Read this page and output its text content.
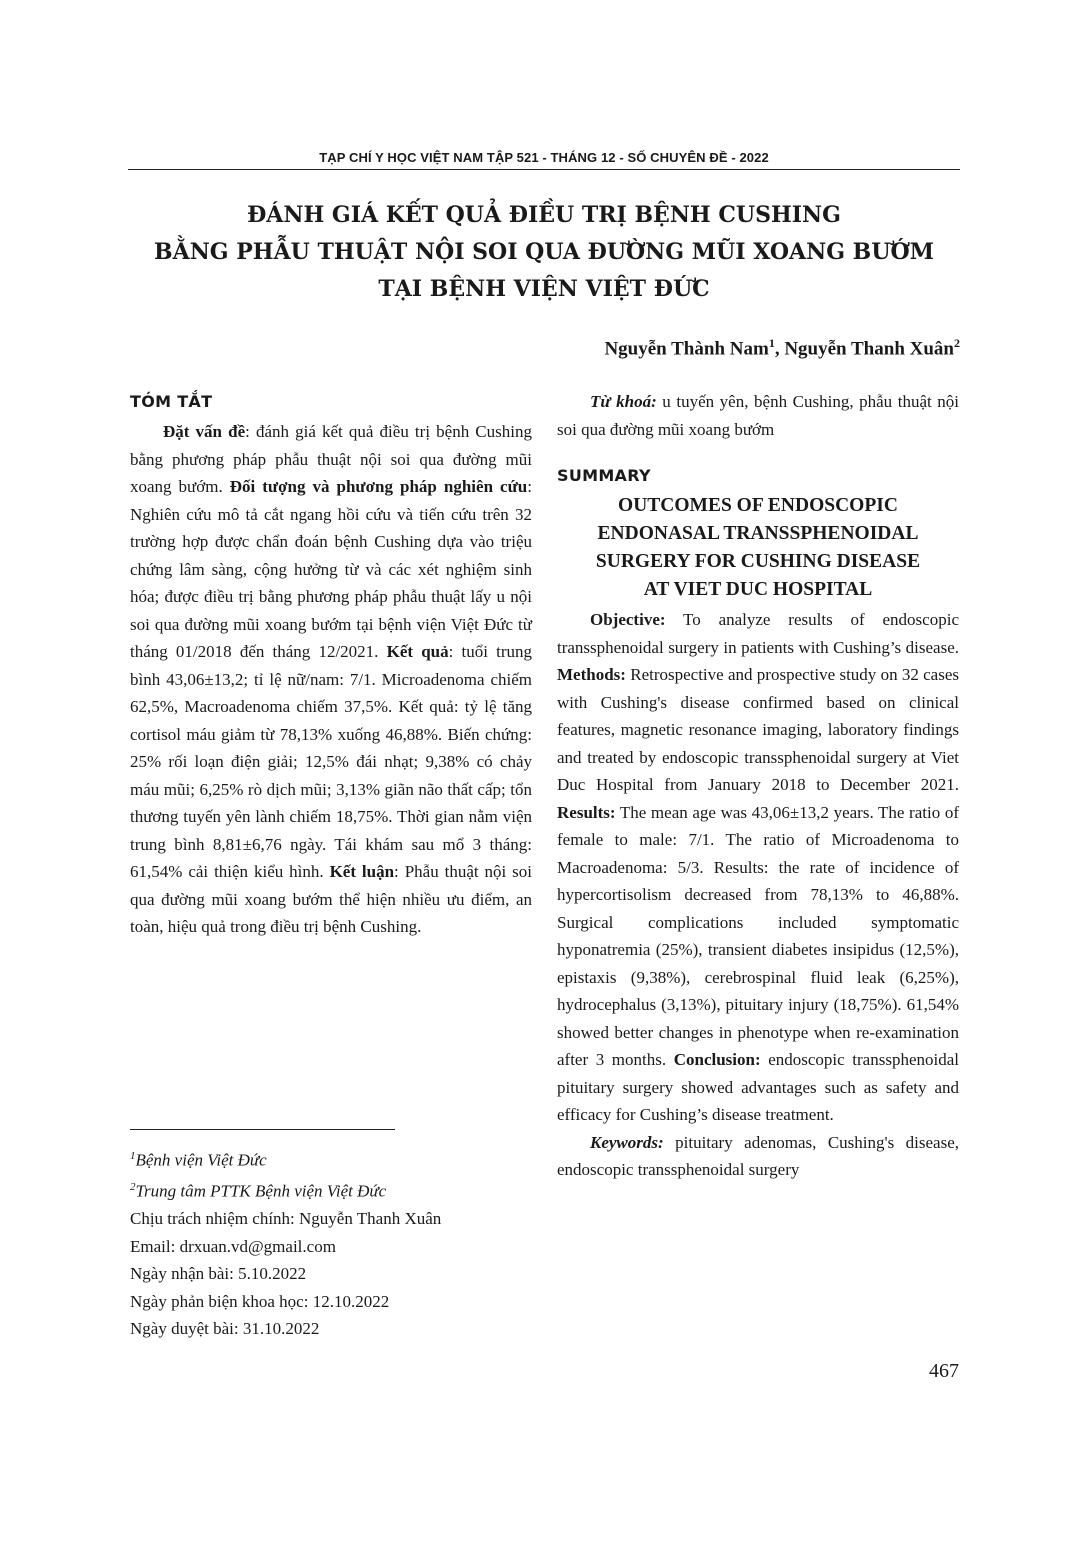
TẠP CHÍ Y HỌC VIỆT NAM TẬP 521 - THÁNG 12 - SỐ CHUYÊN ĐỀ - 2022
ĐÁNH GIÁ KẾT QUẢ ĐIỀU TRỊ BỆNH CUSHING
BẰNG PHẪU THUẬT NỘI SOI QUA ĐƯỜNG MŨI XOANG BƯỚM
TẠI BỆNH VIỆN VIỆT ĐỨC
Nguyễn Thành Nam$^1$, Nguyễn Thanh Xuân$^2$
TÓM TẮT

Đặt vấn đề: đánh giá kết quả điều trị bệnh Cushing bằng phương pháp phẫu thuật nội soi qua đường mũi xoang bướm. Đối tượng và phương pháp nghiên cứu: Nghiên cứu mô tả cắt ngang hồi cứu và tiến cứu trên 32 trường hợp được chẩn đoán bệnh Cushing dựa vào triệu chứng lâm sàng, cộng hưởng từ và các xét nghiệm sinh hóa; được điều trị bằng phương pháp phẫu thuật lấy u nội soi qua đường mũi xoang bướm tại bệnh viện Việt Đức từ tháng 01/2018 đến tháng 12/2021. Kết quả: tuổi trung bình 43,06±13,2; tỉ lệ nữ/nam: 7/1. Microadenoma chiếm 62,5%, Macroadenoma chiếm 37,5%. Kết quả: tỷ lệ tăng cortisol máu giảm từ 78,13% xuống 46,88%. Biến chứng: 25% rối loạn điện giải; 12,5% đái nhạt; 9,38% có chảy máu mũi; 6,25% rò dịch mũi; 3,13% giãn não thất cấp; tổn thương tuyến yên lành chiếm 18,75%. Thời gian nằm viện trung bình 8,81±6,76 ngày. Tái khám sau mổ 3 tháng: 61,54% cải thiện kiểu hình. Kết luận: Phẫu thuật nội soi qua đường mũi xoang bướm thể hiện nhiều ưu điểm, an toàn, hiệu quả trong điều trị bệnh Cushing.

Từ khoá: u tuyến yên, bệnh Cushing, phẫu thuật nội soi qua đường mũi xoang bướm

SUMMARY
OUTCOMES OF ENDOSCOPIC
ENDONASAL TRANSSPHENOIDAL
SURGERY FOR CUSHING DISEASE
AT VIET DUC HOSPITAL

Objective: To analyze results of endoscopic transsphenoidal surgery in patients with Cushing’s disease. Methods: Retrospective and prospective study on 32 cases with Cushing's disease confirmed based on clinical features, magnetic resonance imaging, laboratory findings and treated by endoscopic transsphenoidal surgery at Viet Duc Hospital from January 2018 to December 2021. Results: The mean age was 43,06±13,2 years. The ratio of female to male: 7/1. The ratio of Microadenoma to Macroadenoma: 5/3. Results: the rate of incidence of hypercortisolism decreased from 78,13% to 46,88%. Surgical complications included symptomatic hyponatremia (25%), transient diabetes insipidus (12,5%), epistaxis (9,38%), cerebrospinal fluid leak (6,25%), hydrocephalus (3,13%), pituitary injury (18,75%). 61,54% showed better changes in phenotype when re-examination after 3 months. Conclusion: endoscopic transsphenoidal pituitary surgery showed advantages such as safety and efficacy for Cushing’s disease treatment.

Keywords: pituitary adenomas, Cushing's disease, endoscopic transsphenoidal surgery

$^1$Bệnh viện Việt Đức
$^2$Trung tâm PTTK Bệnh viện Việt Đức
Chịu trách nhiệm chính: Nguyễn Thanh Xuân
Email: drxuan.vd@gmail.com
Ngày nhận bài: 5.10.2022
Ngày phản biện khoa học: 12.10.2022
Ngày duyệt bài: 31.10.2022
467
